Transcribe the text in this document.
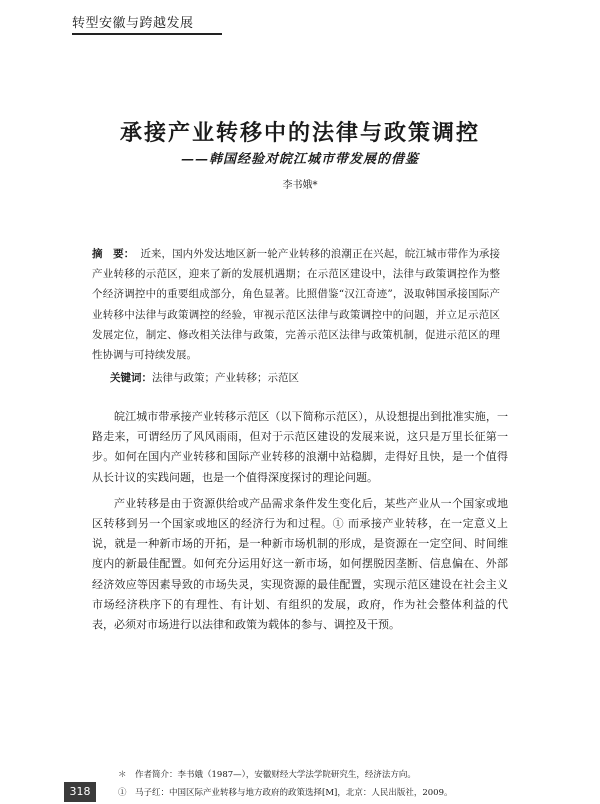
转型安徽与跨越发展
承接产业转移中的法律与政策调控
——韩国经验对皖江城市带发展的借鉴
李书娥*
摘　要： 近来，国内外发达地区新一轮产业转移的浪潮正在兴起，皖江城市带作为承接产业转移的示范区，迎来了新的发展机遇期；在示范区建设中，法律与政策调控作为整个经济调控中的重要组成部分，角色显著。比照借鉴“汉江奇迹”，汲取韩国承接国际产业转移中法律与政策调控的经验，审视示范区法律与政策调控中的问题，并立足示范区发展定位，制定、修改相关法律与政策，完善示范区法律与政策机制，促进示范区的理性协调与可持续发展。
关键词：法律与政策；产业转移；示范区

皖江城市带承接产业转移示范区（以下简称示范区），从设想提出到批准实施，一路走来，可谓经历了风风雨雨，但对于示范区建设的发展来说，这只是万里长征第一步。如何在国内产业转移和国际产业转移的浪潮中站稳脚，走得好且快，是一个值得从长计议的实践问题，也是一个值得深度探讨的理论问题。

产业转移是由于资源供给或产品需求条件发生变化后，某些产业从一个国家或地区转移到另一个国家或地区的经济行为和过程。① 而承接产业转移，在一定意义上说，就是一种新市场的开拓，是一种新市场机制的形成，是资源在一定空间、时间维度内的新最佳配置。如何充分运用好这一新市场，如何摆脱因垄断、信息偏在、外部经济效应等因素导致的市场失灵，实现资源的最佳配置，实现示范区建设在社会主义市场经济秩序下的有理性、有计划、有组织的发展，政府，作为社会整体利益的代表，必须对市场进行以法律和政策为载体的参与、调控及干预。

＊　作者简介：李书娥（1987—），安徽财经大学法学院研究生，经济法方向。
①　马子红：中国区际产业转移与地方政府的政策选择[M]，北京：人民出版社，2009。
318
